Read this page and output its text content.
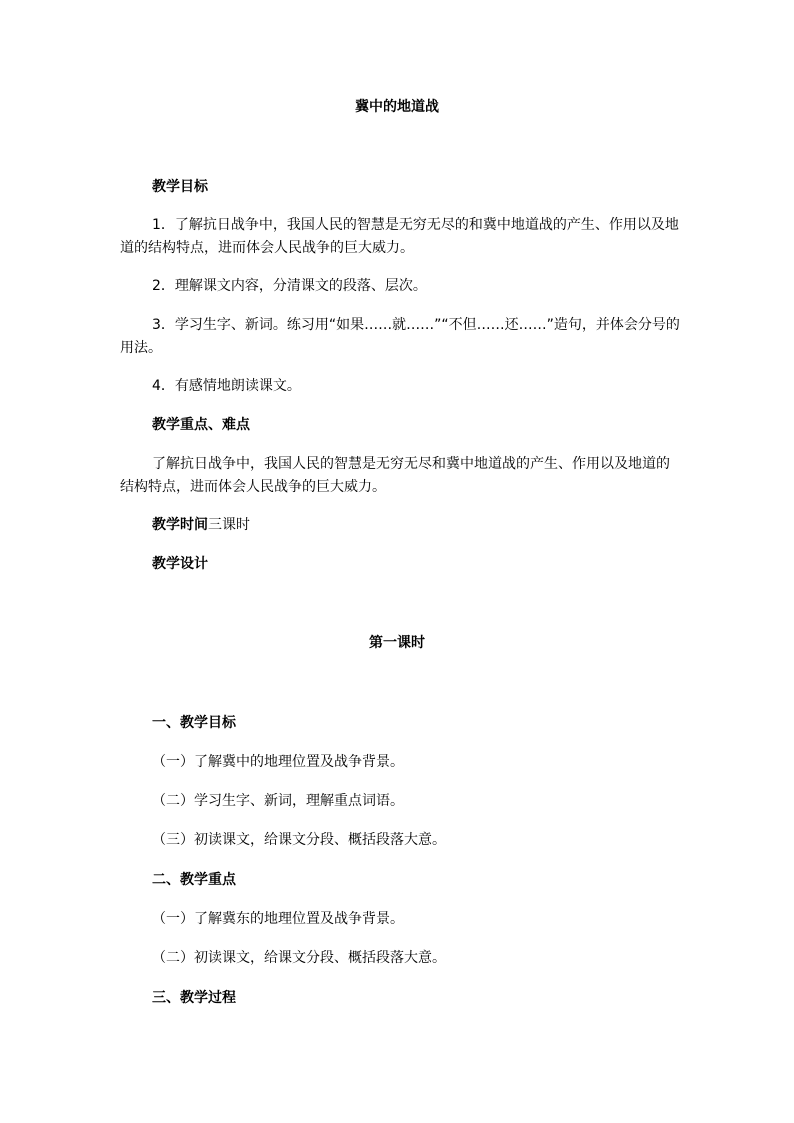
冀中的地道战
教学目标
1．了解抗日战争中，我国人民的智慧是无穷无尽的和冀中地道战的产生、作用以及地道的结构特点，进而体会人民战争的巨大威力。
2．理解课文内容，分清课文的段落、层次。
3．学习生字、新词。练习用“如果……就……”“不但……还……”造句，并体会分号的用法。
4．有感情地朗读课文。
教学重点、难点
了解抗日战争中，我国人民的智慧是无穷无尽和冀中地道战的产生、作用以及地道的结构特点，进而体会人民战争的巨大威力。
教学时间三课时
教学设计
第一课时
一、教学目标
（一）了解冀中的地理位置及战争背景。
（二）学习生字、新词，理解重点词语。
（三）初读课文，给课文分段、概括段落大意。
二、教学重点
（一）了解冀东的地理位置及战争背景。
（二）初读课文，给课文分段、概括段落大意。
三、教学过程
